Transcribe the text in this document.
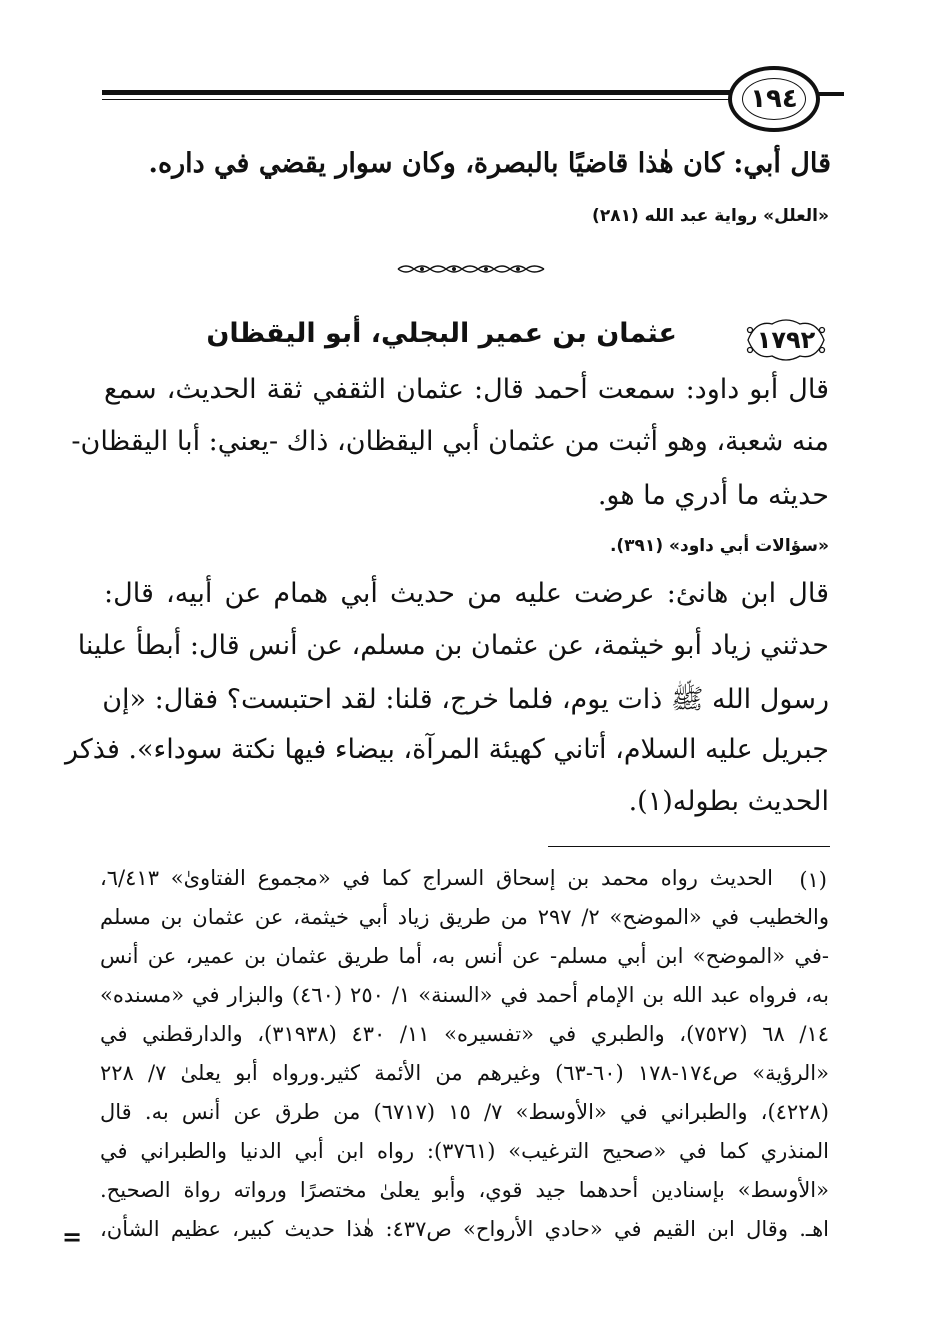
١٩٤
قال أبي: كان هٰذا قاضيًا بالبصرة، وكان سوار يقضي في داره.
«العلل» رواية عبد الله (٢٨١)
١٧٩٢
عثمان بن عمير البجلي، أبو اليقظان
قال أبو داود: سمعت أحمد قال: عثمان الثقفي ثقة الحديث، سمع
منه شعبة، وهو أثبت من عثمان أبي اليقظان، ذاك -يعني: أبا اليقظان-
حديثه ما أدري ما هو.
«سؤالات أبي داود» (٣٩١).
قال ابن هانئ: عرضت عليه من حديث أبي همام عن أبيه، قال:
حدثني زياد أبو خيثمة، عن عثمان بن مسلم، عن أنس قال: أبطأ علينا
رسول الله ﷺ ذات يوم، فلما خرج، قلنا: لقد احتبست؟ فقال: «إن
جبريل عليه السلام، أتاني كهيئة المرآة، بيضاء فيها نكتة سوداء». فذكر
الحديث بطوله(١).
(١)
الحديث رواه محمد بن إسحاق السراج كما في «مجموع الفتاوىٰ» ٦/٤١٣،
والخطيب في «الموضح» ٢/ ٢٩٧ من طريق زياد أبي خيثمة، عن عثمان بن مسلم
-في «الموضح» ابن أبي مسلم- عن أنس به، أما طريق عثمان بن عمير، عن أنس
به، فرواه عبد الله بن الإمام أحمد في «السنة» ١/ ٢٥٠ (٤٦٠) والبزار في «مسنده»
١٤/ ٦٨ (٧٥٢٧)، والطبري في «تفسيره» ١١/ ٤٣٠ (٣١٩٣٨)، والدارقطني في
«الرؤية» ص١٧٤-١٧٨ (٦٠-٦٣) وغيرهم من الأئمة كثير.ورواه أبو يعلىٰ ٧/ ٢٢٨
(٤٢٢٨)، والطبراني في «الأوسط» ٧/ ١٥ (٦٧١٧) من طرق عن أنس به. قال
المنذري كما في «صحيح الترغيب» (٣٧٦١): رواه ابن أبي الدنيا والطبراني في
«الأوسط» بإسنادين أحدهما جيد قوي، وأبو يعلىٰ مختصرًا ورواته رواة الصحيح.
اهـ. وقال ابن القيم في «حادي الأرواح» ص٤٣٧: هٰذا حديث كبير، عظيم الشأن،
=
